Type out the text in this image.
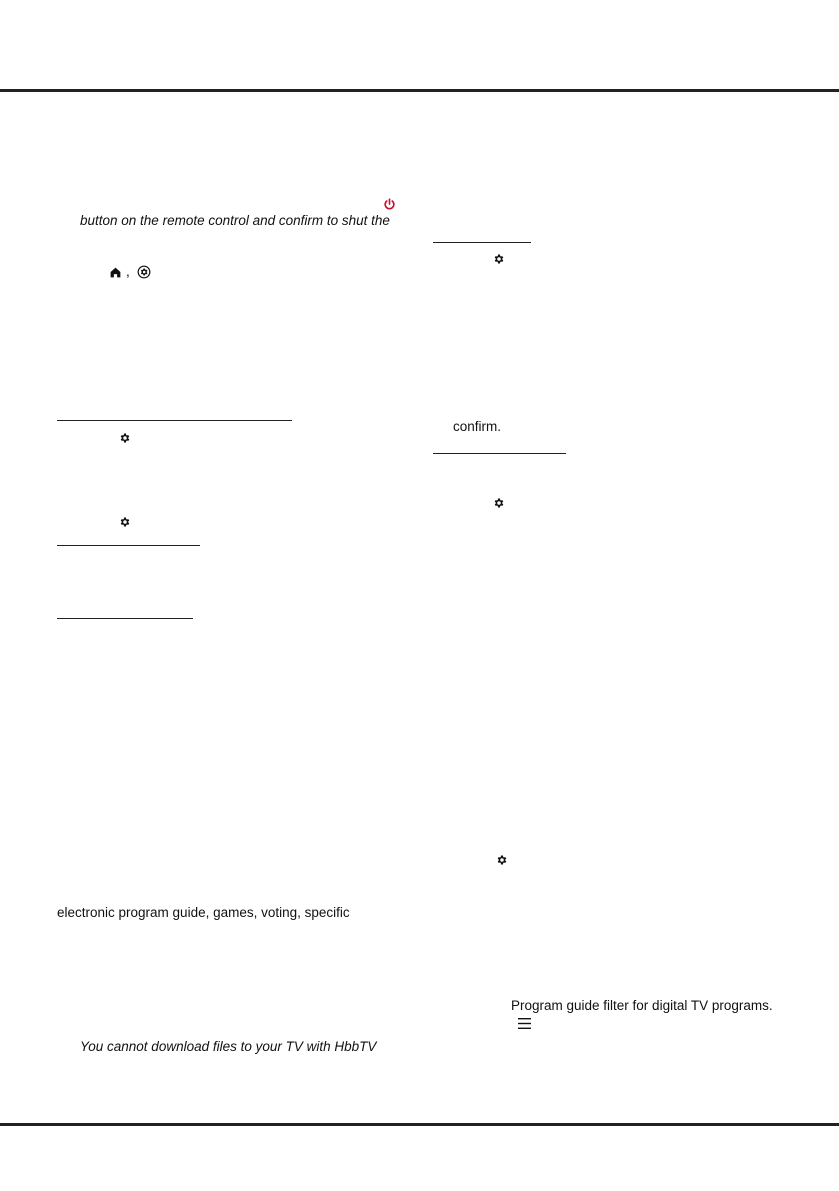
button on the remote control and confirm to shut the
,
electronic program guide, games, voting, specific
You cannot download files to your TV with HbbTV
confirm.
Program guide filter for digital TV programs.
